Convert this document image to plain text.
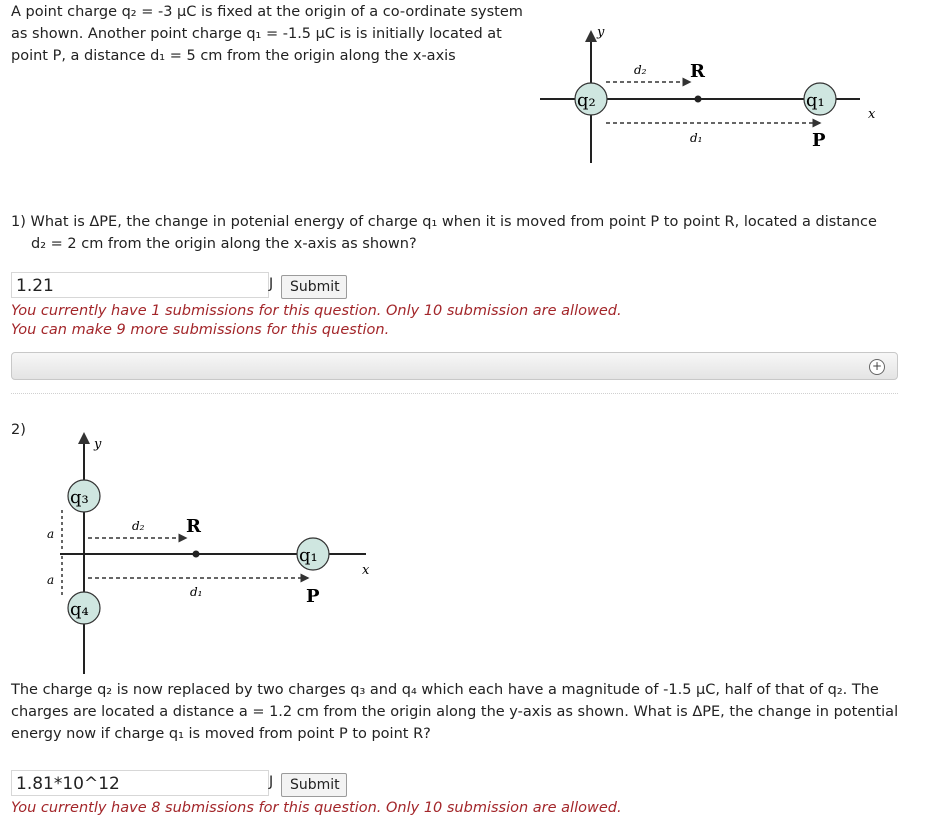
A point charge q₂ = -3 μC is fixed at the origin of a co-ordinate system
as shown. Another point charge q₁ = -1.5 μC is is initially located at
point P, a distance d₁ = 5 cm from the origin along the x-axis
y
x
d₂ R
d₁	P
q₂	q₁
1) What is ΔPE, the change in potenial energy of charge q₁ when it is moved from point P to point R, located a distance
d₂ = 2 cm from the origin along the x-axis as shown?
1.21	J	Submit
You currently have 1 submissions for this question. Only 10 submission are allowed.
You can make 9 more submissions for this question.
+
2)
y
x
a
a
d₂ R
d₁	P
q₃
q₄
q₁
The charge q₂ is now replaced by two charges q₃ and q₄ which each have a magnitude of -1.5 μC, half of that of q₂. The
charges are located a distance a = 1.2 cm from the origin along the y-axis as shown. What is ΔPE, the change in potential
energy now if charge q₁ is moved from point P to point R?
1.81*10^12	J	Submit
You currently have 8 submissions for this question. Only 10 submission are allowed.
